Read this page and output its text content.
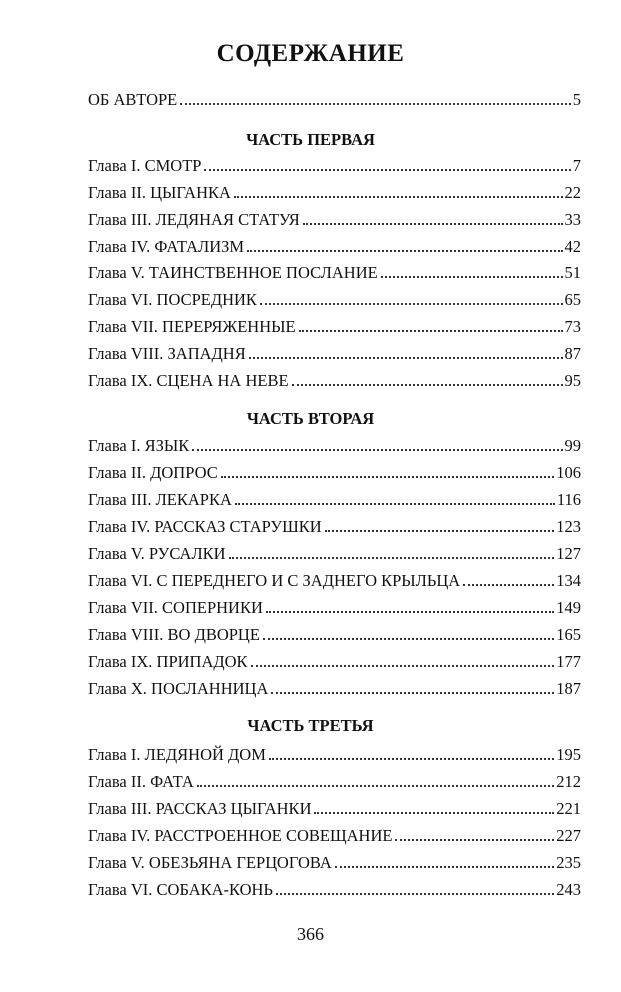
СОДЕРЖАНИЕ
ОБ АВТОРЕ	5
ЧАСТЬ ПЕРВАЯ
Глава I. СМОТР	7
Глава II. ЦЫГАНКА	22
Глава III. ЛЕДЯНАЯ СТАТУЯ	33
Глава IV. ФАТАЛИЗМ	42
Глава V. ТАИНСТВЕННОЕ ПОСЛАНИЕ	51
Глава VI. ПОСРЕДНИК	65
Глава VII. ПЕРЕРЯЖЕННЫЕ	73
Глава VIII. ЗАПАДНЯ	87
Глава IX. СЦЕНА НА НЕВЕ	95
ЧАСТЬ ВТОРАЯ
Глава I. ЯЗЫК	99
Глава II. ДОПРОС	106
Глава III. ЛЕКАРКА	116
Глава IV. РАССКАЗ СТАРУШКИ	123
Глава V. РУСАЛКИ	127
Глава VI. С ПЕРЕДНЕГО И С ЗАДНЕГО КРЫЛЬЦА	134
Глава VII. СОПЕРНИКИ	149
Глава VIII. ВО ДВОРЦЕ	165
Глава IX. ПРИПАДОК	177
Глава X. ПОСЛАННИЦА	187
ЧАСТЬ ТРЕТЬЯ
Глава I. ЛЕДЯНОЙ ДОМ	195
Глава II. ФАТА	212
Глава III. РАССКАЗ ЦЫГАНКИ	221
Глава IV. РАССТРОЕННОЕ СОВЕЩАНИЕ	227
Глава V. ОБЕЗЬЯНА ГЕРЦОГОВА	235
Глава VI. СОБАКА-КОНЬ	243
366
